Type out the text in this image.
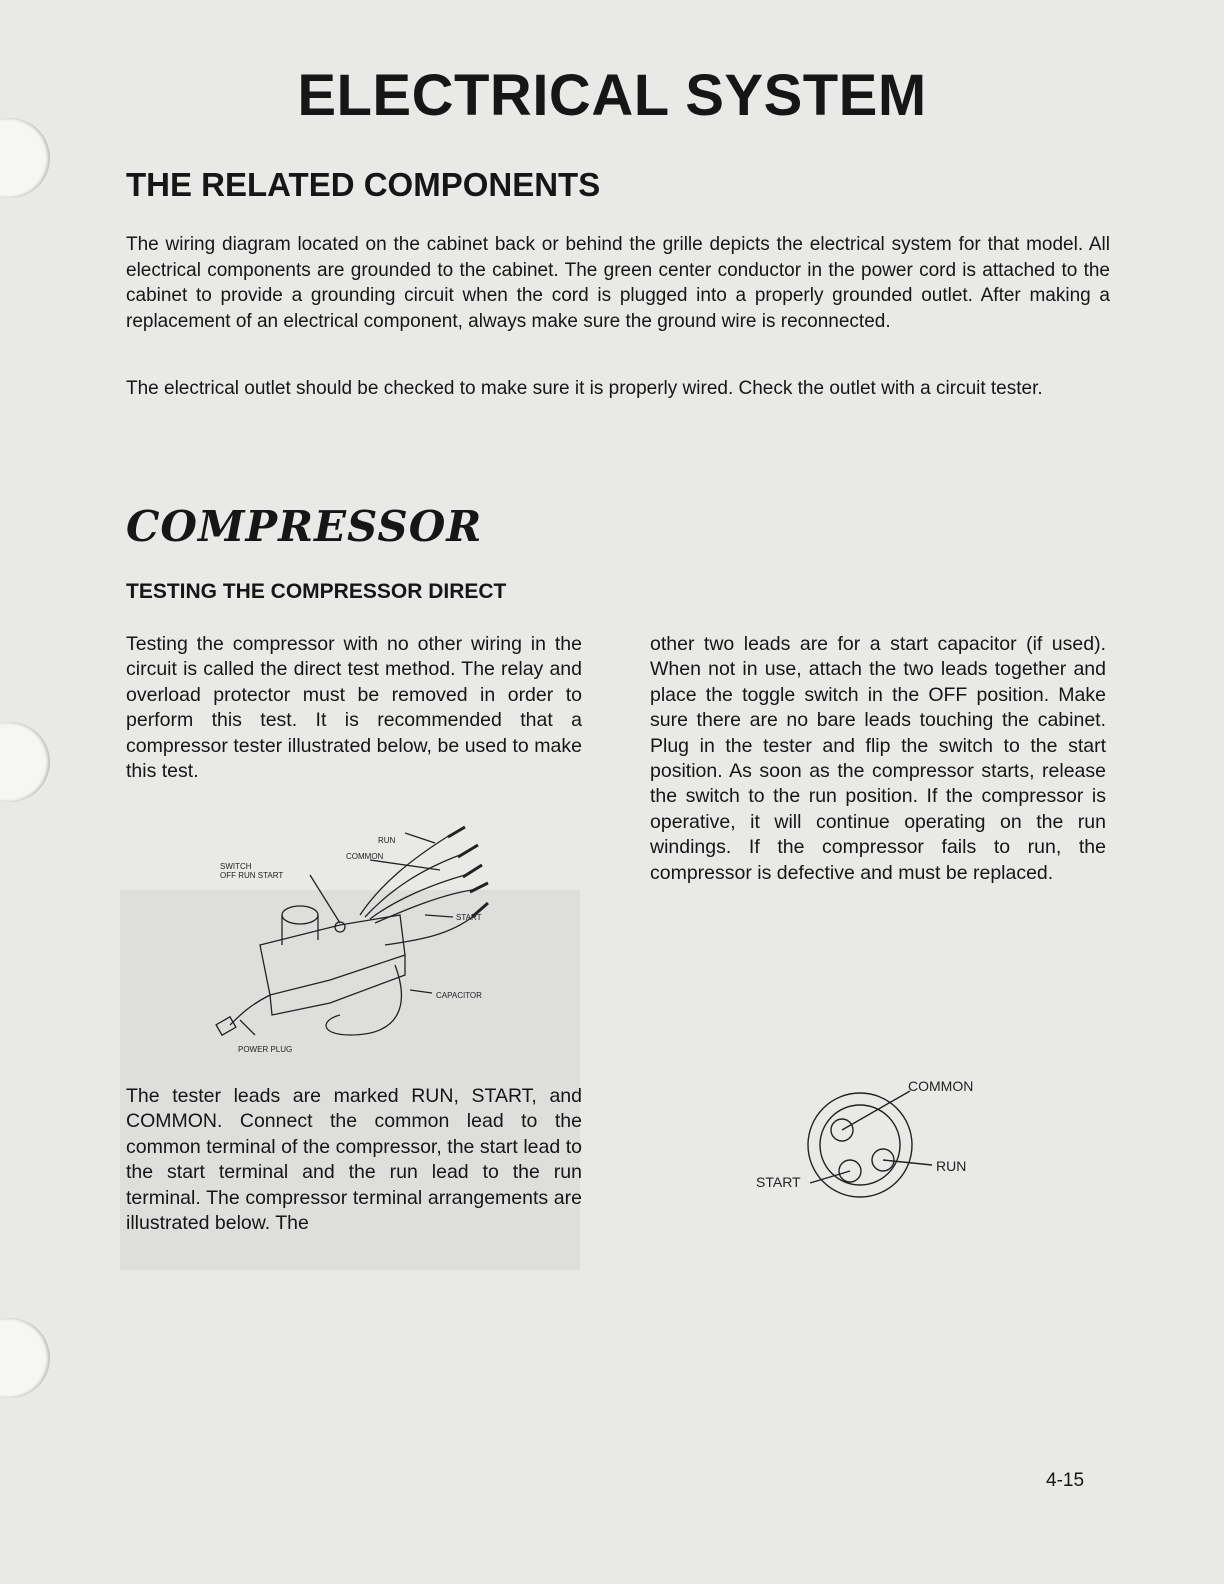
ELECTRICAL SYSTEM
THE RELATED COMPONENTS

The wiring diagram located on the cabinet back or behind the grille depicts the electrical system for that model. All electrical components are grounded to the cabinet. The green center conductor in the power cord is attached to the cabinet to provide a grounding circuit when the cord is plugged into a properly grounded outlet. After making a replacement of an electrical component, always make sure the ground wire is reconnected.

The electrical outlet should be checked to make sure it is properly wired. Check the outlet with a circuit tester.

COMPRESSOR
TESTING THE COMPRESSOR DIRECT

Testing the compressor with no other wiring in the circuit is called the direct test method. The relay and overload protector must be removed in order to perform this test. It is recommended that a compressor tester illustrated below, be used to make this test.

The tester leads are marked RUN, START, and COMMON. Connect the common lead to the common terminal of the compressor, the start lead to the start terminal and the run lead to the run terminal. The compressor terminal arrangements are illustrated below. The

other two leads are for a start capacitor (if used). When not in use, attach the two leads together and place the toggle switch in the OFF position. Make sure there are no bare leads touching the cabinet. Plug in the tester and flip the switch to the start position. As soon as the compressor starts, release the switch to the run position. If the compressor is operative, it will continue operating on the run windings. If the compressor fails to run, the compressor is defective and must be replaced.

RUN
COMMON
SWITCH
OFF RUN START
START
CAPACITOR
POWER PLUG
COMMON
RUN
START

4-15
